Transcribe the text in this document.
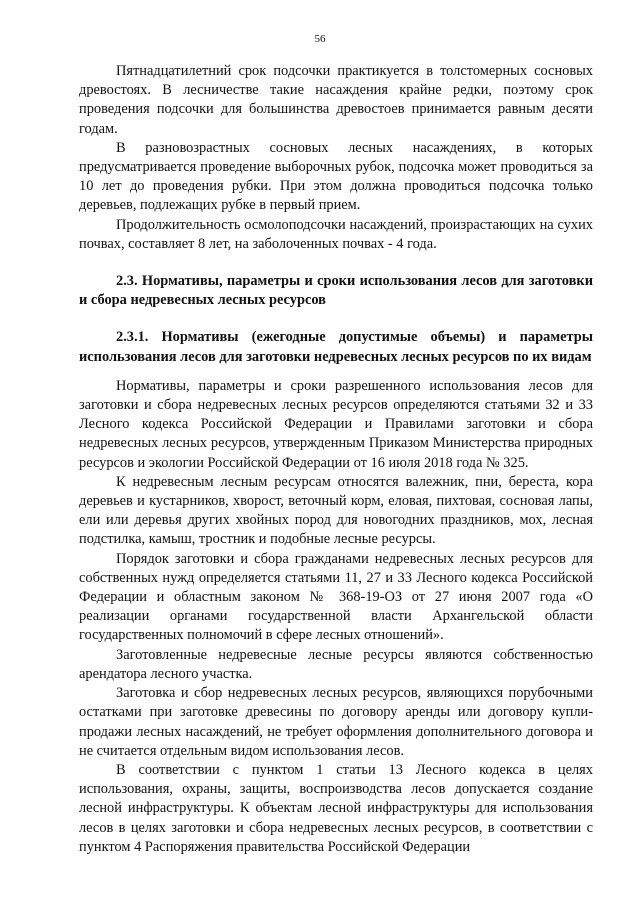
56

Пятнадцатилетний срок подсочки практикуется в толстомерных сосновых древостоях. В лесничестве такие насаждения крайне редки, поэтому срок проведения подсочки для большинства древостоев принимается равным десяти годам.

В разновозрастных сосновых лесных насаждениях, в которых предусматривается проведение выборочных рубок, подсочка может проводиться за 10 лет до проведения рубки. При этом должна проводиться подсочка только деревьев, подлежащих рубке в первый прием.

Продолжительность осмолоподсочки насаждений, произрастающих на сухих почвах, составляет 8 лет, на заболоченных почвах - 4 года.

2.3. Нормативы, параметры и сроки использования лесов для заготовки и сбора недревесных лесных ресурсов

2.3.1. Нормативы (ежегодные допустимые объемы) и параметры использования лесов для заготовки недревесных лесных ресурсов по их видам

Нормативы, параметры и сроки разрешенного использования лесов для заготовки и сбора недревесных лесных ресурсов определяются статьями 32 и 33 Лесного кодекса Российской Федерации и Правилами заготовки и сбора недревесных лесных ресурсов, утвержденным Приказом Министерства природных ресурсов и экологии Российской Федерации от 16 июля 2018 года № 325.

К недревесным лесным ресурсам относятся валежник, пни, береста, кора деревьев и кустарников, хворост, веточный корм, еловая, пихтовая, сосновая лапы, ели или деревья других хвойных пород для новогодних праздников, мох, лесная подстилка, камыш, тростник и подобные лесные ресурсы.

Порядок заготовки и сбора гражданами недревесных лесных ресурсов для собственных нужд определяется статьями 11, 27 и 33 Лесного кодекса Российской Федерации и областным законом № 368-19-ОЗ от 27 июня 2007 года «О реализации органами государственной власти Архангельской области государственных полномочий в сфере лесных отношений».

Заготовленные недревесные лесные ресурсы являются собственностью арендатора лесного участка.

Заготовка и сбор недревесных лесных ресурсов, являющихся порубочными остатками при заготовке древесины по договору аренды или договору купли-продажи лесных насаждений, не требует оформления дополнительного договора и не считается отдельным видом использования лесов.

В соответствии с пунктом 1 статьи 13 Лесного кодекса в целях использования, охраны, защиты, воспроизводства лесов допускается создание лесной инфраструктуры. К объектам лесной инфраструктуры для использования лесов в целях заготовки и сбора недревесных лесных ресурсов, в соответствии с пунктом 4 Распоряжения правительства Российской Федерации
